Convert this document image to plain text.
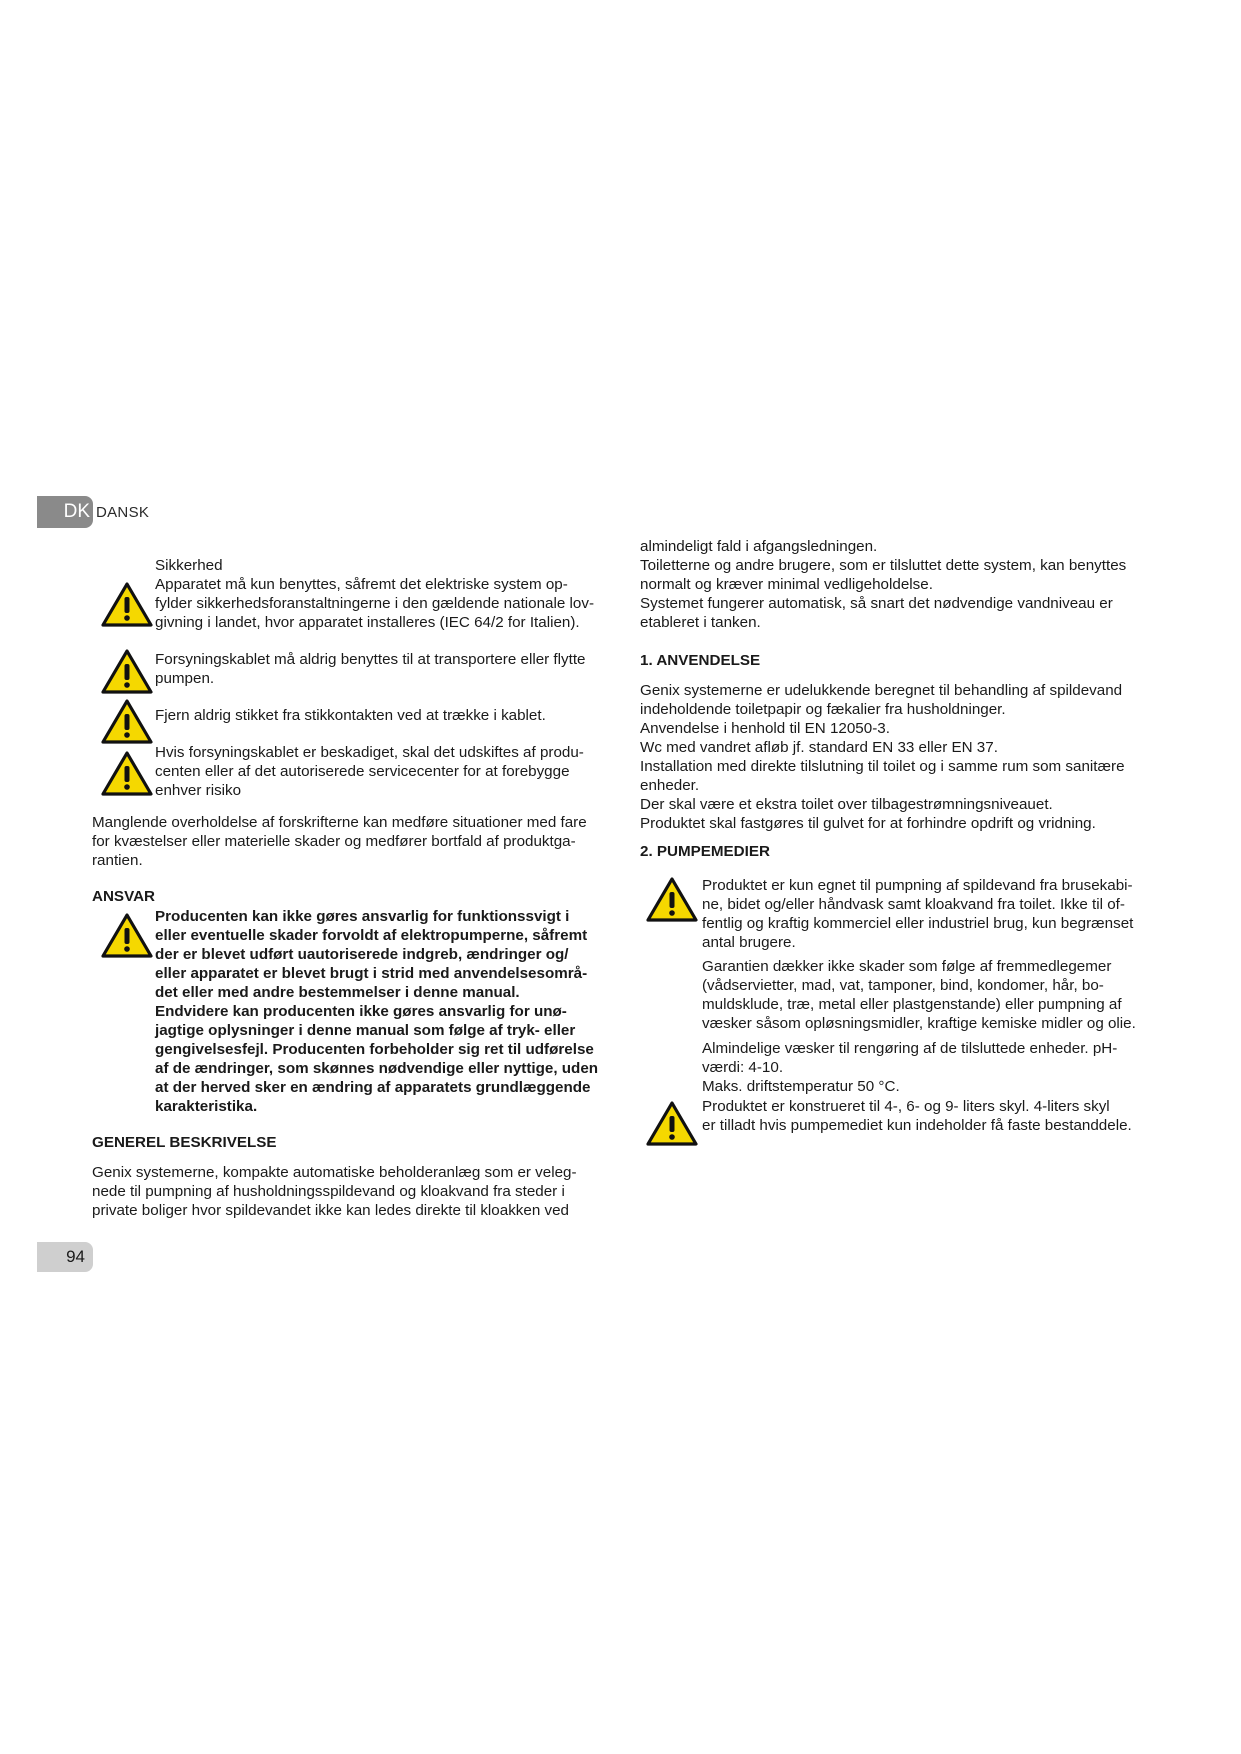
DK DANSK

Sikkerhed

Apparatet må kun benyttes, såfremt det elektriske system op-

fylder sikkerhedsforanstaltningerne i den gældende nationale lov-

givning i landet, hvor apparatet installeres (IEC 64/2 for Italien).

Forsyningskablet må aldrig benyttes til at transportere eller flytte

pumpen.

Fjern aldrig stikket fra stikkontakten ved at trække i kablet.

Hvis forsyningskablet er beskadiget, skal det udskiftes af produ-

centen eller af det autoriserede servicecenter for at forebygge

enhver risiko

Manglende overholdelse af forskrifterne kan medføre situationer med fare

for kvæstelser eller materielle skader og medfører bortfald af produktga-

rantien.

ANSVAR

Producenten kan ikke gøres ansvarlig for funktionssvigt i

eller eventuelle skader forvoldt af elektropumperne, såfremt

der er blevet udført uautoriserede indgreb, ændringer og/

eller apparatet er blevet brugt i strid med anvendelsesområ-

det eller med andre bestemmelser i denne manual.

Endvidere kan producenten ikke gøres ansvarlig for unø-

jagtige oplysninger i denne manual som følge af tryk- eller

gengivelsesfejl. Producenten forbeholder sig ret til udførelse

af de ændringer, som skønnes nødvendige eller nyttige, uden

at der herved sker en ændring af apparatets grundlæggende

karakteristika.

GENEREL BESKRIVELSE

Genix systemerne, kompakte automatiske beholderanlæg som er veleg-

nede til pumpning af husholdningsspildevand og kloakvand fra steder i

private boliger hvor spildevandet ikke kan ledes direkte til kloakken ved

94

almindeligt fald i afgangsledningen.

Toiletterne og andre brugere, som er tilsluttet dette system, kan benyttes

normalt og kræver minimal vedligeholdelse.

Systemet fungerer automatisk, så snart det nødvendige vandniveau er

etableret i tanken.

1. ANVENDELSE

Genix systemerne er udelukkende beregnet til behandling af spildevand

indeholdende toiletpapir og fækalier fra husholdninger.

Anvendelse i henhold til EN 12050-3.

Wc med vandret afløb jf. standard EN 33 eller EN 37.

Installation med direkte tilslutning til toilet og i samme rum som sanitære

enheder.

Der skal være et ekstra toilet over tilbagestrømningsniveauet.

Produktet skal fastgøres til gulvet for at forhindre opdrift og vridning.

2. PUMPEMEDIER

Produktet er kun egnet til pumpning af spildevand fra brusekabi-

ne, bidet og/eller håndvask samt kloakvand fra toilet. Ikke til of-

fentlig og kraftig kommerciel eller industriel brug, kun begrænset

antal brugere.

Garantien dækker ikke skader som følge af fremmedlegemer

(vådservietter, mad, vat, tamponer, bind, kondomer, hår, bo-

muldsklude, træ, metal eller plastgenstande) eller pumpning af

væsker såsom opløsningsmidler, kraftige kemiske midler og olie.

Almindelige væsker til rengøring af de tilsluttede enheder. pH-

værdi: 4-10.

Maks. driftstemperatur 50 °C.

Produktet er konstrueret til 4-, 6- og 9- liters skyl. 4-liters skyl

er tilladt hvis pumpemediet kun indeholder få faste bestanddele.
